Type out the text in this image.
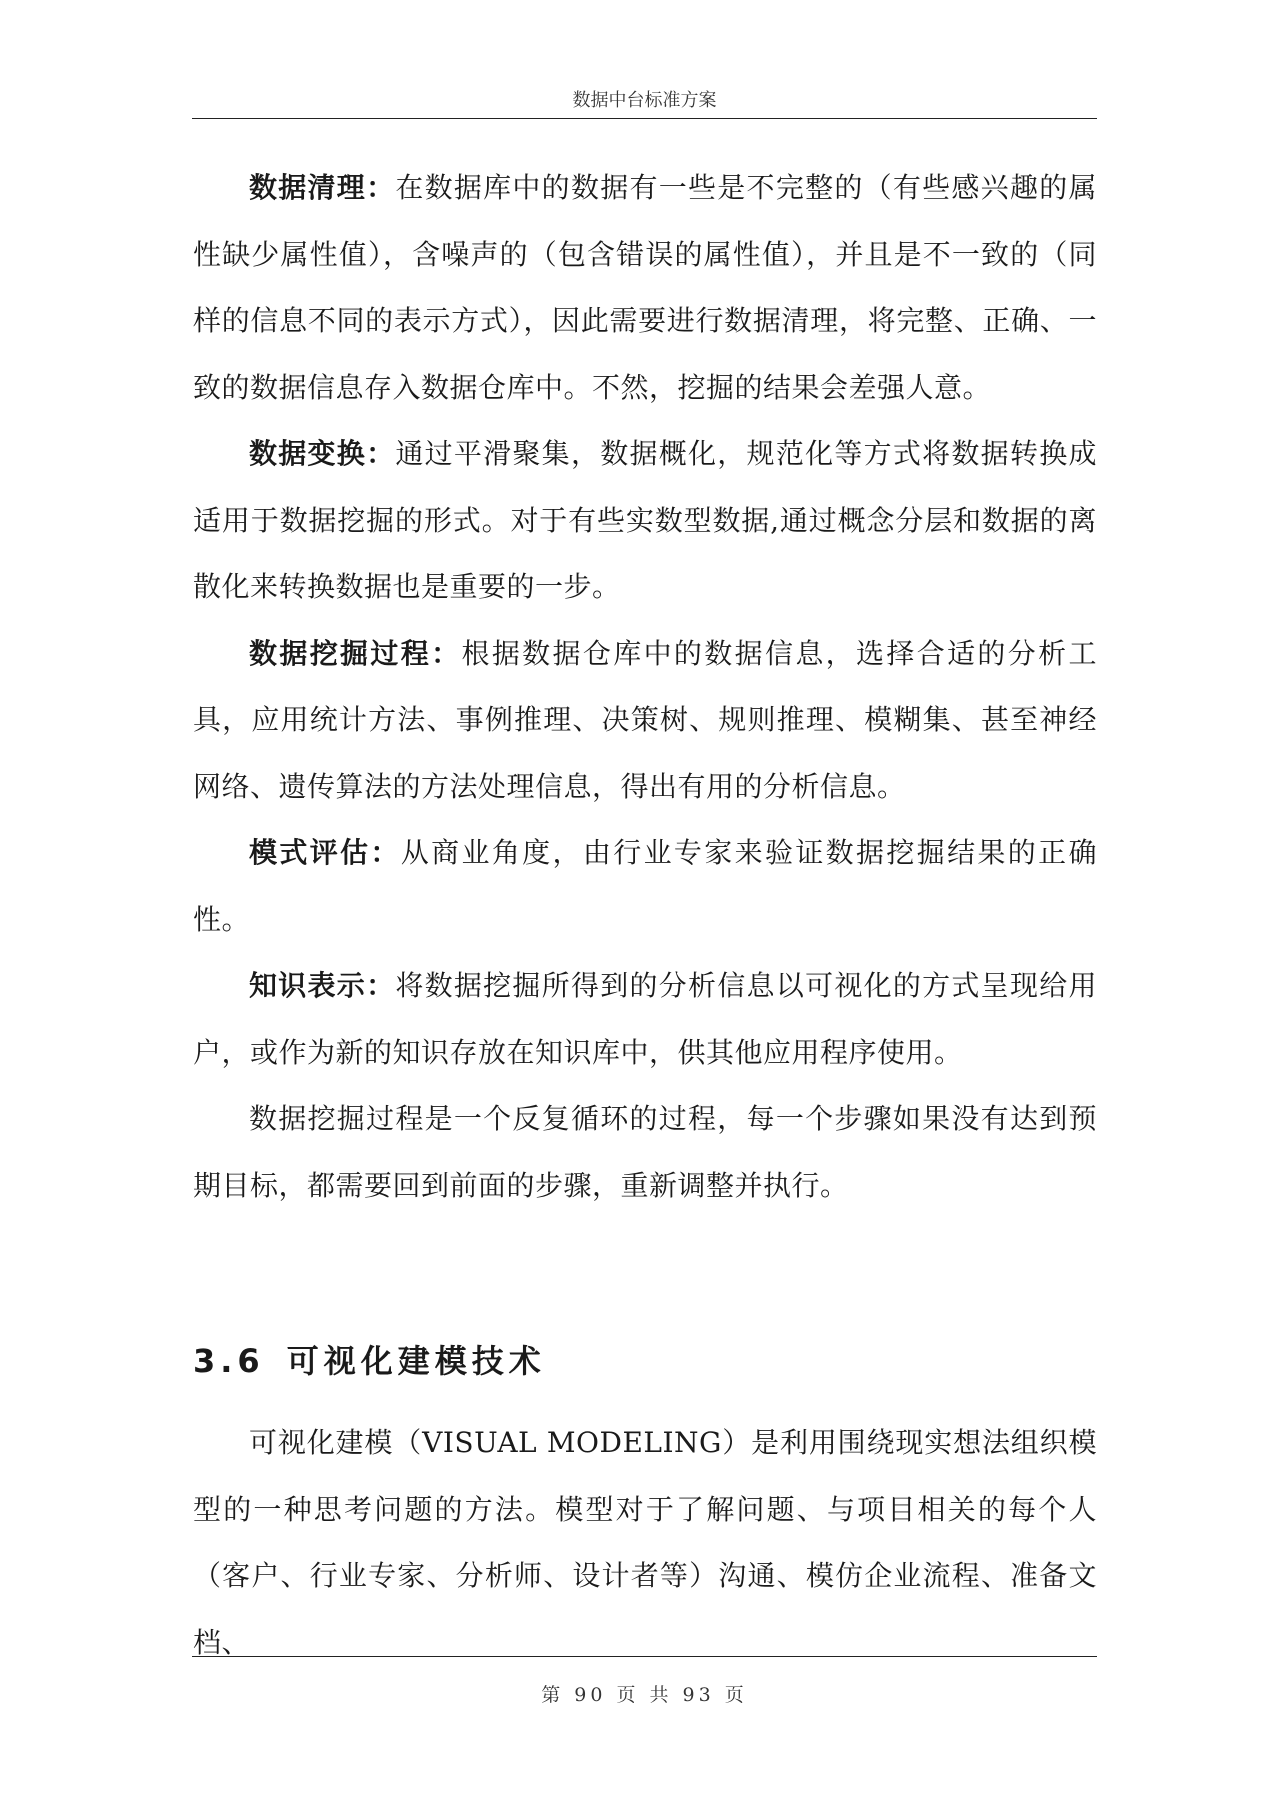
数据中台标准方案

数据清理：在数据库中的数据有一些是不完整的（有些感兴趣的属性缺少属性值），含噪声的（包含错误的属性值），并且是不一致的（同样的信息不同的表示方式），因此需要进行数据清理，将完整、正确、一致的数据信息存入数据仓库中。不然，挖掘的结果会差强人意。

数据变换：通过平滑聚集，数据概化，规范化等方式将数据转换成适用于数据挖掘的形式。对于有些实数型数据,通过概念分层和数据的离散化来转换数据也是重要的一步。

数据挖掘过程：根据数据仓库中的数据信息，选择合适的分析工具，应用统计方法、事例推理、决策树、规则推理、模糊集、甚至神经网络、遗传算法的方法处理信息，得出有用的分析信息。

模式评估：从商业角度，由行业专家来验证数据挖掘结果的正确性。

知识表示：将数据挖掘所得到的分析信息以可视化的方式呈现给用户，或作为新的知识存放在知识库中，供其他应用程序使用。

数据挖掘过程是一个反复循环的过程，每一个步骤如果没有达到预期目标，都需要回到前面的步骤，重新调整并执行。

3.6 可视化建模技术

可视化建模（VISUAL MODELING）是利用围绕现实想法组织模型的一种思考问题的方法。模型对于了解问题、与项目相关的每个人（客户、行业专家、分析师、设计者等）沟通、模仿企业流程、准备文档、

第 90 页 共 93 页
